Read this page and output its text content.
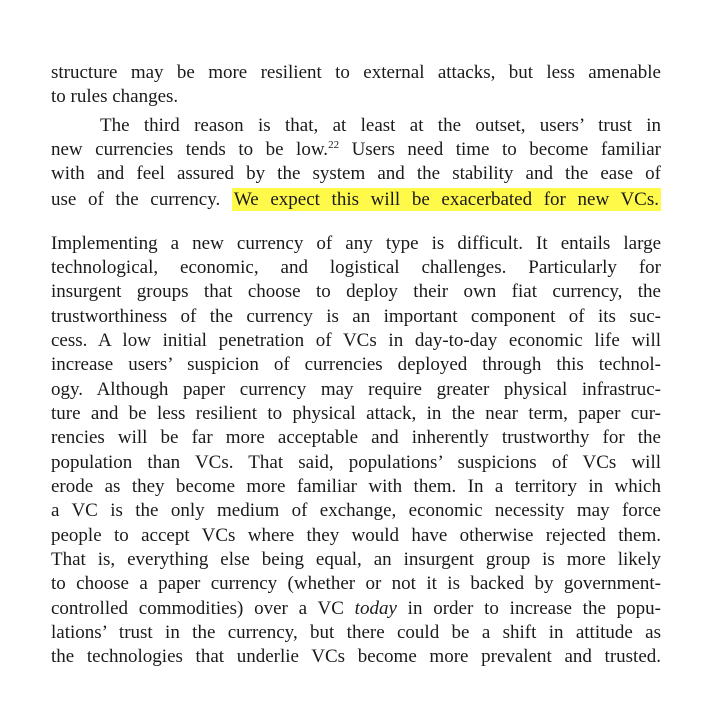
structure may be more resilient to external attacks, but less amenable
to rules changes.
The third reason is that, at least at the outset, users’ trust in
new currencies tends to be low.$^{22}$ Users need time to become familiar
with and feel assured by the system and the stability and the ease of
use of the currency. We expect this will be exacerbated for new VCs.
Implementing a new currency of any type is difficult. It entails large
technological, economic, and logistical challenges. Particularly for
insurgent groups that choose to deploy their own fiat currency, the
trustworthiness of the currency is an important component of its suc-
cess. A low initial penetration of VCs in day-to-day economic life will
increase users’ suspicion of currencies deployed through this technol-
ogy. Although paper currency may require greater physical infrastruc-
ture and be less resilient to physical attack, in the near term, paper cur-
rencies will be far more acceptable and inherently trustworthy for the
population than VCs. That said, populations’ suspicions of VCs will
erode as they become more familiar with them. In a territory in which
a VC is the only medium of exchange, economic necessity may force
people to accept VCs where they would have otherwise rejected them.
That is, everything else being equal, an insurgent group is more likely
to choose a paper currency (whether or not it is backed by government-
controlled commodities) over a VC today in order to increase the popu-
lations’ trust in the currency, but there could be a shift in attitude as
the technologies that underlie VCs become more prevalent and trusted.
